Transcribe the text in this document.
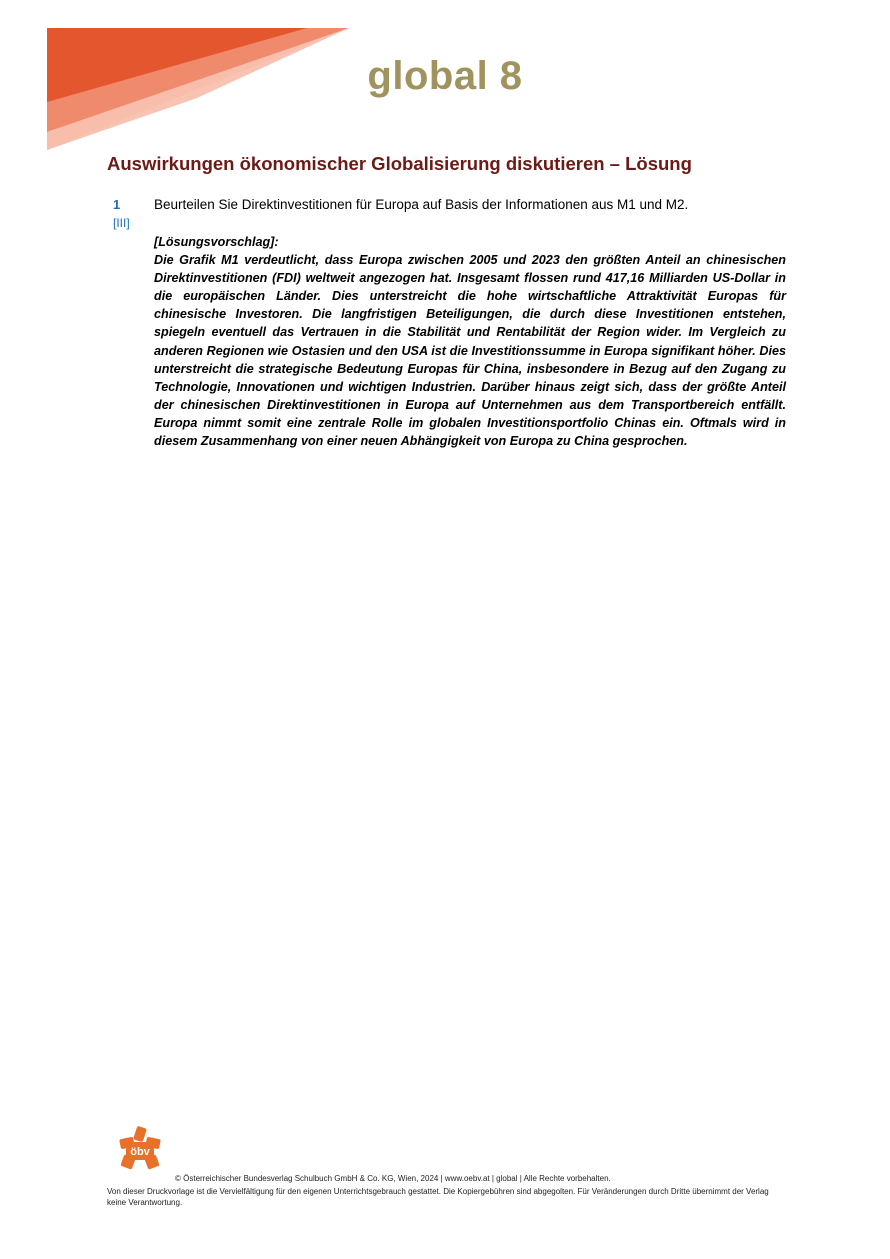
global 8
Auswirkungen ökonomischer Globalisierung diskutieren – Lösung
1
[III]
Beurteilen Sie Direktinvestitionen für Europa auf Basis der Informationen aus M1 und M2.
[Lösungsvorschlag]:
Die Grafik M1 verdeutlicht, dass Europa zwischen 2005 und 2023 den größten Anteil an chinesischen Direktinvestitionen (FDI) weltweit angezogen hat. Insgesamt flossen rund 417,16 Milliarden US-Dollar in die europäischen Länder. Dies unterstreicht die hohe wirtschaftliche Attraktivität Europas für chinesische Investoren. Die langfristigen Beteiligungen, die durch diese Investitionen entstehen, spiegeln eventuell das Vertrauen in die Stabilität und Rentabilität der Region wider. Im Vergleich zu anderen Regionen wie Ostasien und den USA ist die Investitionssumme in Europa signifikant höher. Dies unterstreicht die strategische Bedeutung Europas für China, insbesondere in Bezug auf den Zugang zu Technologie, Innovationen und wichtigen Industrien. Darüber hinaus zeigt sich, dass der größte Anteil der chinesischen Direktinvestitionen in Europa auf Unternehmen aus dem Transportbereich entfällt. Europa nimmt somit eine zentrale Rolle im globalen Investitionsportfolio Chinas ein. Oftmals wird in diesem Zusammenhang von einer neuen Abhängigkeit von Europa zu China gesprochen.
öbv
© Österreichischer Bundesverlag Schulbuch GmbH & Co. KG, Wien, 2024 | www.oebv.at | global | Alle Rechte vorbehalten.
Von dieser Druckvorlage ist die Vervielfältigung für den eigenen Unterrichtsgebrauch gestattet. Die Kopiergebühren sind abgegolten. Für Veränderungen durch Dritte übernimmt der Verlag keine Verantwortung.
